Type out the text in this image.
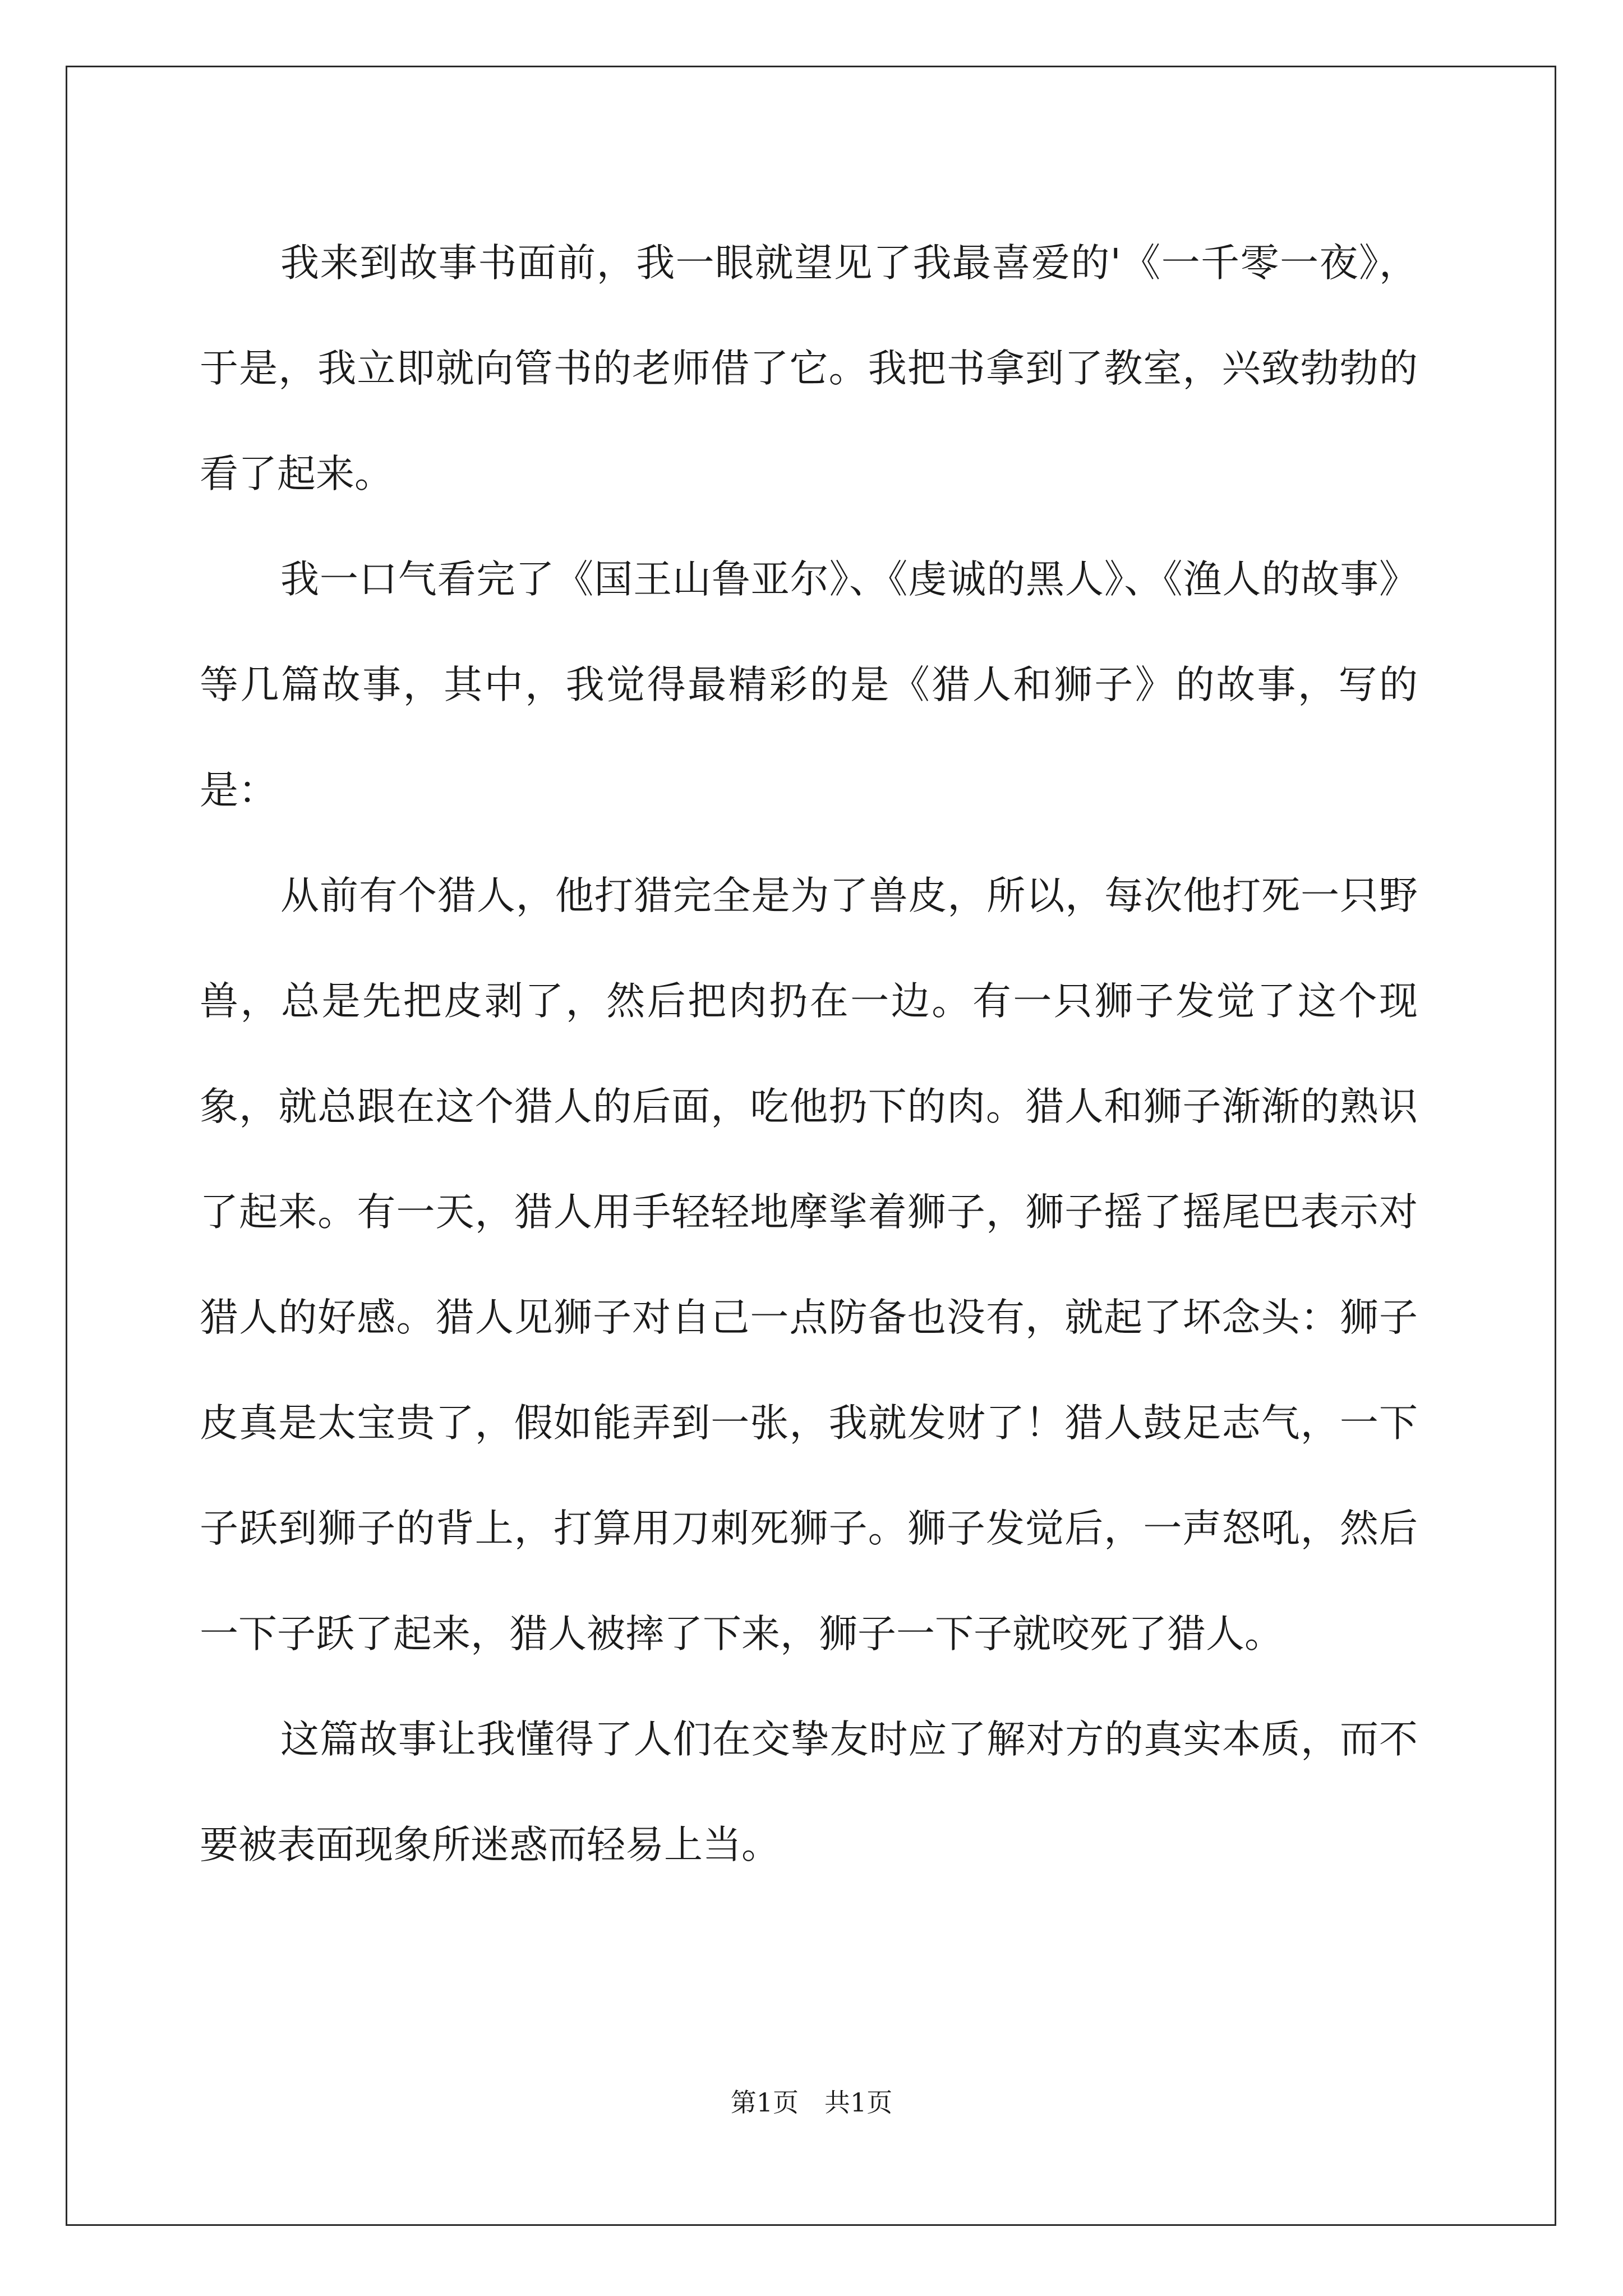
我来到故事书面前，我一眼就望见了我最喜爱的'《一千零一夜》，于是，我立即就向管书的老师借了它。我把书拿到了教室，兴致勃勃的看了起来。

我一口气看完了《国王山鲁亚尔》、《虔诚的黑人》、《渔人的故事》等几篇故事，其中，我觉得最精彩的是《猎人和狮子》的故事，写的是：

从前有个猎人，他打猎完全是为了兽皮，所以，每次他打死一只野兽，总是先把皮剥了，然后把肉扔在一边。有一只狮子发觉了这个现象，就总跟在这个猎人的后面，吃他扔下的肉。猎人和狮子渐渐的熟识了起来。有一天，猎人用手轻轻地摩挲着狮子，狮子摇了摇尾巴表示对猎人的好感。猎人见狮子对自己一点防备也没有，就起了坏念头：狮子皮真是太宝贵了，假如能弄到一张，我就发财了！猎人鼓足志气，一下子跃到狮子的背上，打算用刀刺死狮子。狮子发觉后，一声怒吼，然后一下子跃了起来，猎人被摔了下来，狮子一下子就咬死了猎人。

这篇故事让我懂得了人们在交挚友时应了解对方的真实本质，而不要被表面现象所迷惑而轻易上当。

第1页　共1页
